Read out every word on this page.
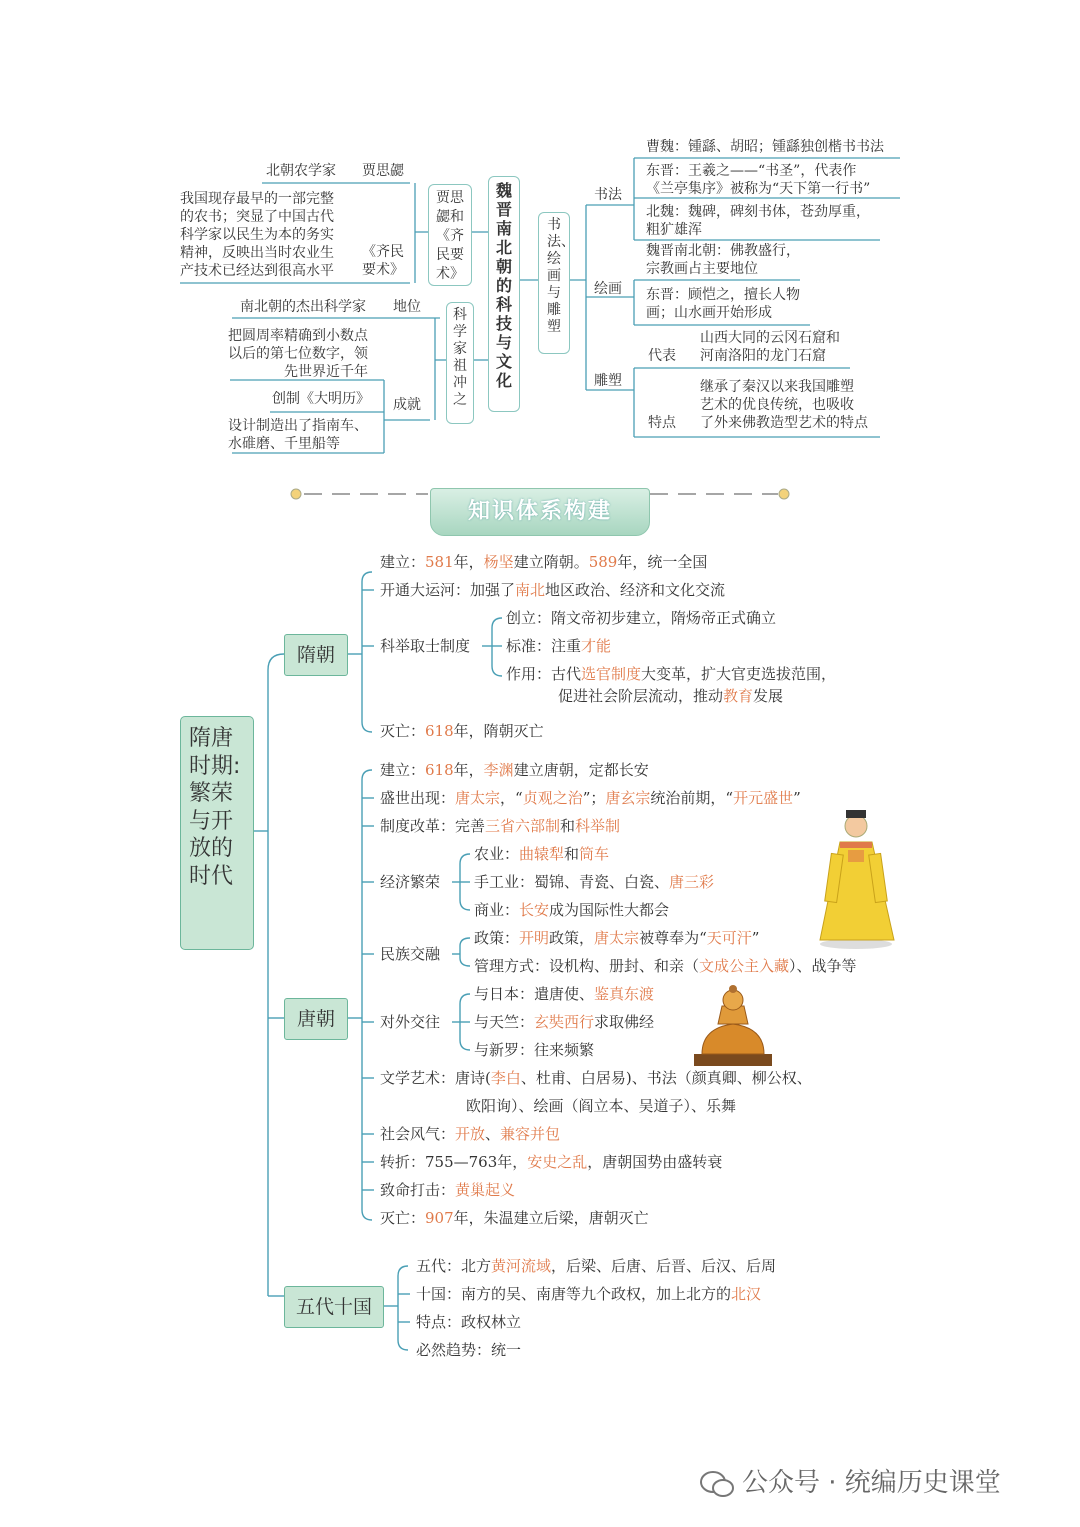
北朝农学家 贾思勰
我国现存最早的一部完整
的农书；突显了中国古代
科学家以民生为本的务实
精神，反映出当时农业生
产技术已经达到很高水平
《齐民
要术》
贾思勰和《齐民要术》
南北朝的杰出科学家 地位
把圆周率精确到小数点
以后的第七位数字，领
先世界近千年
创制《大明历》
设计制造出了指南车、
水碓磨、千里船等
成就
科学家祖冲之
魏晋南北朝的科技与文化
书法、绘画与雕塑
书法
曹魏：锺繇、胡昭；锺繇独创楷书书法
东晋：王羲之——“书圣”，代表作
《兰亭集序》被称为“天下第一行书”
北魏：魏碑，碑刻书体，苍劲厚重，
粗犷雄浑
绘画
魏晋南北朝：佛教盛行，
宗教画占主要地位
东晋：顾恺之，擅长人物
画；山水画开始形成
雕塑
代表
山西大同的云冈石窟和
河南洛阳的龙门石窟
特点
继承了秦汉以来我国雕塑
艺术的优良传统，也吸收
了外来佛教造型艺术的特点
知识体系构建
隋唐
时期:
繁荣
与开
放的
时代
隋朝
唐朝
五代十国
建立：581年，杨坚建立隋朝。589年，统一全国
开通大运河：加强了南北地区政治、经济和文化交流
科举取士制度
创立：隋文帝初步建立，隋炀帝正式确立
标准：注重才能
作用：古代选官制度大变革，扩大官吏选拔范围，
促进社会阶层流动，推动教育发展
灭亡：618年，隋朝灭亡
建立：618年，李渊建立唐朝，定都长安
盛世出现：唐太宗，“贞观之治”；唐玄宗统治前期，“开元盛世”
制度改革：完善三省六部制和科举制
经济繁荣
农业：曲辕犁和筒车
手工业：蜀锦、青瓷、白瓷、唐三彩
商业：长安成为国际性大都会
民族交融
政策：开明政策，唐太宗被尊奉为“天可汗”
管理方式：设机构、册封、和亲（文成公主入藏）、战争等
对外交往
与日本：遣唐使、鉴真东渡
与天竺：玄奘西行求取佛经
与新罗：往来频繁
文学艺术：唐诗(李白、杜甫、白居易)、书法（颜真卿、柳公权、
欧阳询）、绘画（阎立本、吴道子）、乐舞
社会风气：开放、兼容并包
转折：755—763年，安史之乱，唐朝国势由盛转衰
致命打击：黄巢起义
灭亡：907年，朱温建立后梁，唐朝灭亡
五代：北方黄河流域，后梁、后唐、后晋、后汉、后周
十国：南方的吴、南唐等九个政权，加上北方的北汉
特点：政权林立
必然趋势：统一
公众号 · 统编历史课堂
